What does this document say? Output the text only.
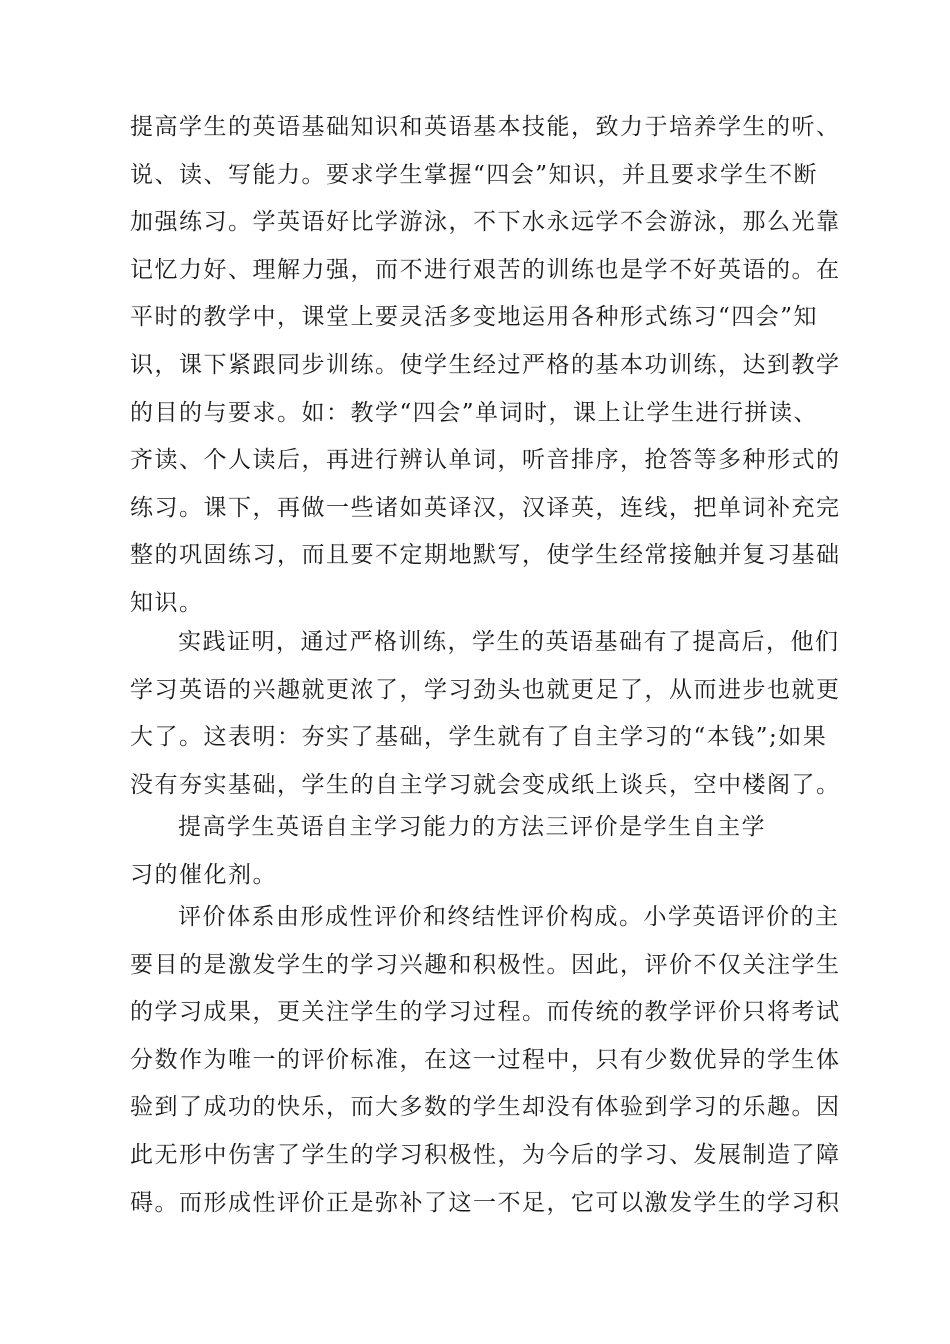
提高学生的英语基础知识和英语基本技能，致力于培养学生的听、
说、读、写能力。要求学生掌握“四会”知识，并且要求学生不断
加强练习。学英语好比学游泳，不下水永远学不会游泳，那么光靠
记忆力好、理解力强，而不进行艰苦的训练也是学不好英语的。在
平时的教学中，课堂上要灵活多变地运用各种形式练习“四会”知
识，课下紧跟同步训练。使学生经过严格的基本功训练，达到教学
的目的与要求。如：教学“四会”单词时，课上让学生进行拼读、
齐读、个人读后，再进行辨认单词，听音排序，抢答等多种形式的
练习。课下，再做一些诸如英译汉，汉译英，连线，把单词补充完
整的巩固练习，而且要不定期地默写，使学生经常接触并复习基础
知识。
实践证明，通过严格训练，学生的英语基础有了提高后，他们
学习英语的兴趣就更浓了，学习劲头也就更足了，从而进步也就更
大了。这表明：夯实了基础，学生就有了自主学习的“本钱”;如果
没有夯实基础，学生的自主学习就会变成纸上谈兵，空中楼阁了。
提高学生英语自主学习能力的方法三评价是学生自主学
习的催化剂。
评价体系由形成性评价和终结性评价构成。小学英语评价的主
要目的是激发学生的学习兴趣和积极性。因此，评价不仅关注学生
的学习成果，更关注学生的学习过程。而传统的教学评价只将考试
分数作为唯一的评价标准，在这一过程中，只有少数优异的学生体
验到了成功的快乐，而大多数的学生却没有体验到学习的乐趣。因
此无形中伤害了学生的学习积极性，为今后的学习、发展制造了障
碍。而形成性评价正是弥补了这一不足，它可以激发学生的学习积
